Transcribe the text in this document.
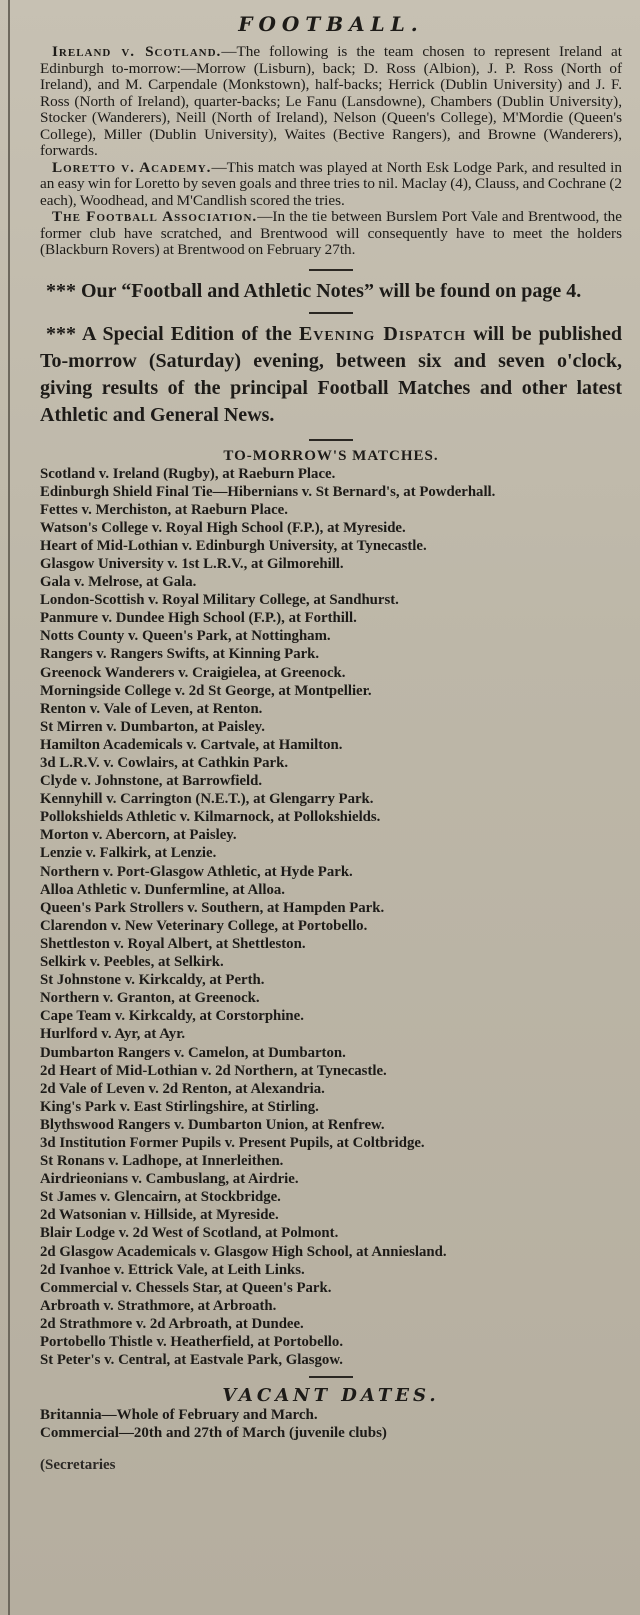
FOOTBALL.

Ireland v. Scotland.—The following is the team chosen to represent Ireland at Edinburgh to-morrow:—Morrow (Lisburn), back; D. Ross (Albion), J. P. Ross (North of Ireland), and M. Carpendale (Monkstown), half-backs; Herrick (Dublin University) and J. F. Ross (North of Ireland), quarter-backs; Le Fanu (Lansdowne), Chambers (Dublin University), Stocker (Wanderers), Neill (North of Ireland), Nelson (Queen's College), M'Mordie (Queen's College), Miller (Dublin University), Waites (Bective Rangers), and Browne (Wanderers), forwards.

Loretto v. Academy.—This match was played at North Esk Lodge Park, and resulted in an easy win for Loretto by seven goals and three tries to nil. Maclay (4), Clauss, and Cochrane (2 each), Woodhead, and M'Candlish scored the tries.

The Football Association.—In the tie between Burslem Port Vale and Brentwood, the former club have scratched, and Brentwood will consequently have to meet the holders (Blackburn Rovers) at Brentwood on February 27th.

*** Our “Football and Athletic Notes” will be found on page 4.

*** A Special Edition of the Evening Dispatch will be published To-morrow (Saturday) evening, between six and seven o'clock, giving results of the principal Football Matches and other latest Athletic and General News.

TO-MORROW'S MATCHES.

Scotland v. Ireland (Rugby), at Raeburn Place.
Edinburgh Shield Final Tie—Hibernians v. St Bernard's, at Powderhall.
Fettes v. Merchiston, at Raeburn Place.
Watson's College v. Royal High School (F.P.), at Myreside.
Heart of Mid-Lothian v. Edinburgh University, at Tynecastle.
Glasgow University v. 1st L.R.V., at Gilmorehill.
Gala v. Melrose, at Gala.
London-Scottish v. Royal Military College, at Sandhurst.
Panmure v. Dundee High School (F.P.), at Forthill.
Notts County v. Queen's Park, at Nottingham.
Rangers v. Rangers Swifts, at Kinning Park.
Greenock Wanderers v. Craigielea, at Greenock.
Morningside College v. 2d St George, at Montpellier.
Renton v. Vale of Leven, at Renton.
St Mirren v. Dumbarton, at Paisley.
Hamilton Academicals v. Cartvale, at Hamilton.
3d L.R.V. v. Cowlairs, at Cathkin Park.
Clyde v. Johnstone, at Barrowfield.
Kennyhill v. Carrington (N.E.T.), at Glengarry Park.
Pollokshields Athletic v. Kilmarnock, at Pollokshields.
Morton v. Abercorn, at Paisley.
Lenzie v. Falkirk, at Lenzie.
Northern v. Port-Glasgow Athletic, at Hyde Park.
Alloa Athletic v. Dunfermline, at Alloa.
Queen's Park Strollers v. Southern, at Hampden Park.
Clarendon v. New Veterinary College, at Portobello.
Shettleston v. Royal Albert, at Shettleston.
Selkirk v. Peebles, at Selkirk.
St Johnstone v. Kirkcaldy, at Perth.
Northern v. Granton, at Greenock.
Cape Team v. Kirkcaldy, at Corstorphine.
Hurlford v. Ayr, at Ayr.
Dumbarton Rangers v. Camelon, at Dumbarton.
2d Heart of Mid-Lothian v. 2d Northern, at Tynecastle.
2d Vale of Leven v. 2d Renton, at Alexandria.
King's Park v. East Stirlingshire, at Stirling.
Blythswood Rangers v. Dumbarton Union, at Renfrew.
3d Institution Former Pupils v. Present Pupils, at Coltbridge.
St Ronans v. Ladhope, at Innerleithen.
Airdrieonians v. Cambuslang, at Airdrie.
St James v. Glencairn, at Stockbridge.
2d Watsonian v. Hillside, at Myreside.
Blair Lodge v. 2d West of Scotland, at Polmont.
2d Glasgow Academicals v. Glasgow High School, at Anniesland.
2d Ivanhoe v. Ettrick Vale, at Leith Links.
Commercial v. Chessels Star, at Queen's Park.
Arbroath v. Strathmore, at Arbroath.
2d Strathmore v. 2d Arbroath, at Dundee.
Portobello Thistle v. Heatherfield, at Portobello.
St Peter's v. Central, at Eastvale Park, Glasgow.
VACANT DATES.

Britannia—Whole of February and March.

Commercial—20th and 27th of March (juvenile clubs)

(Secretaries
